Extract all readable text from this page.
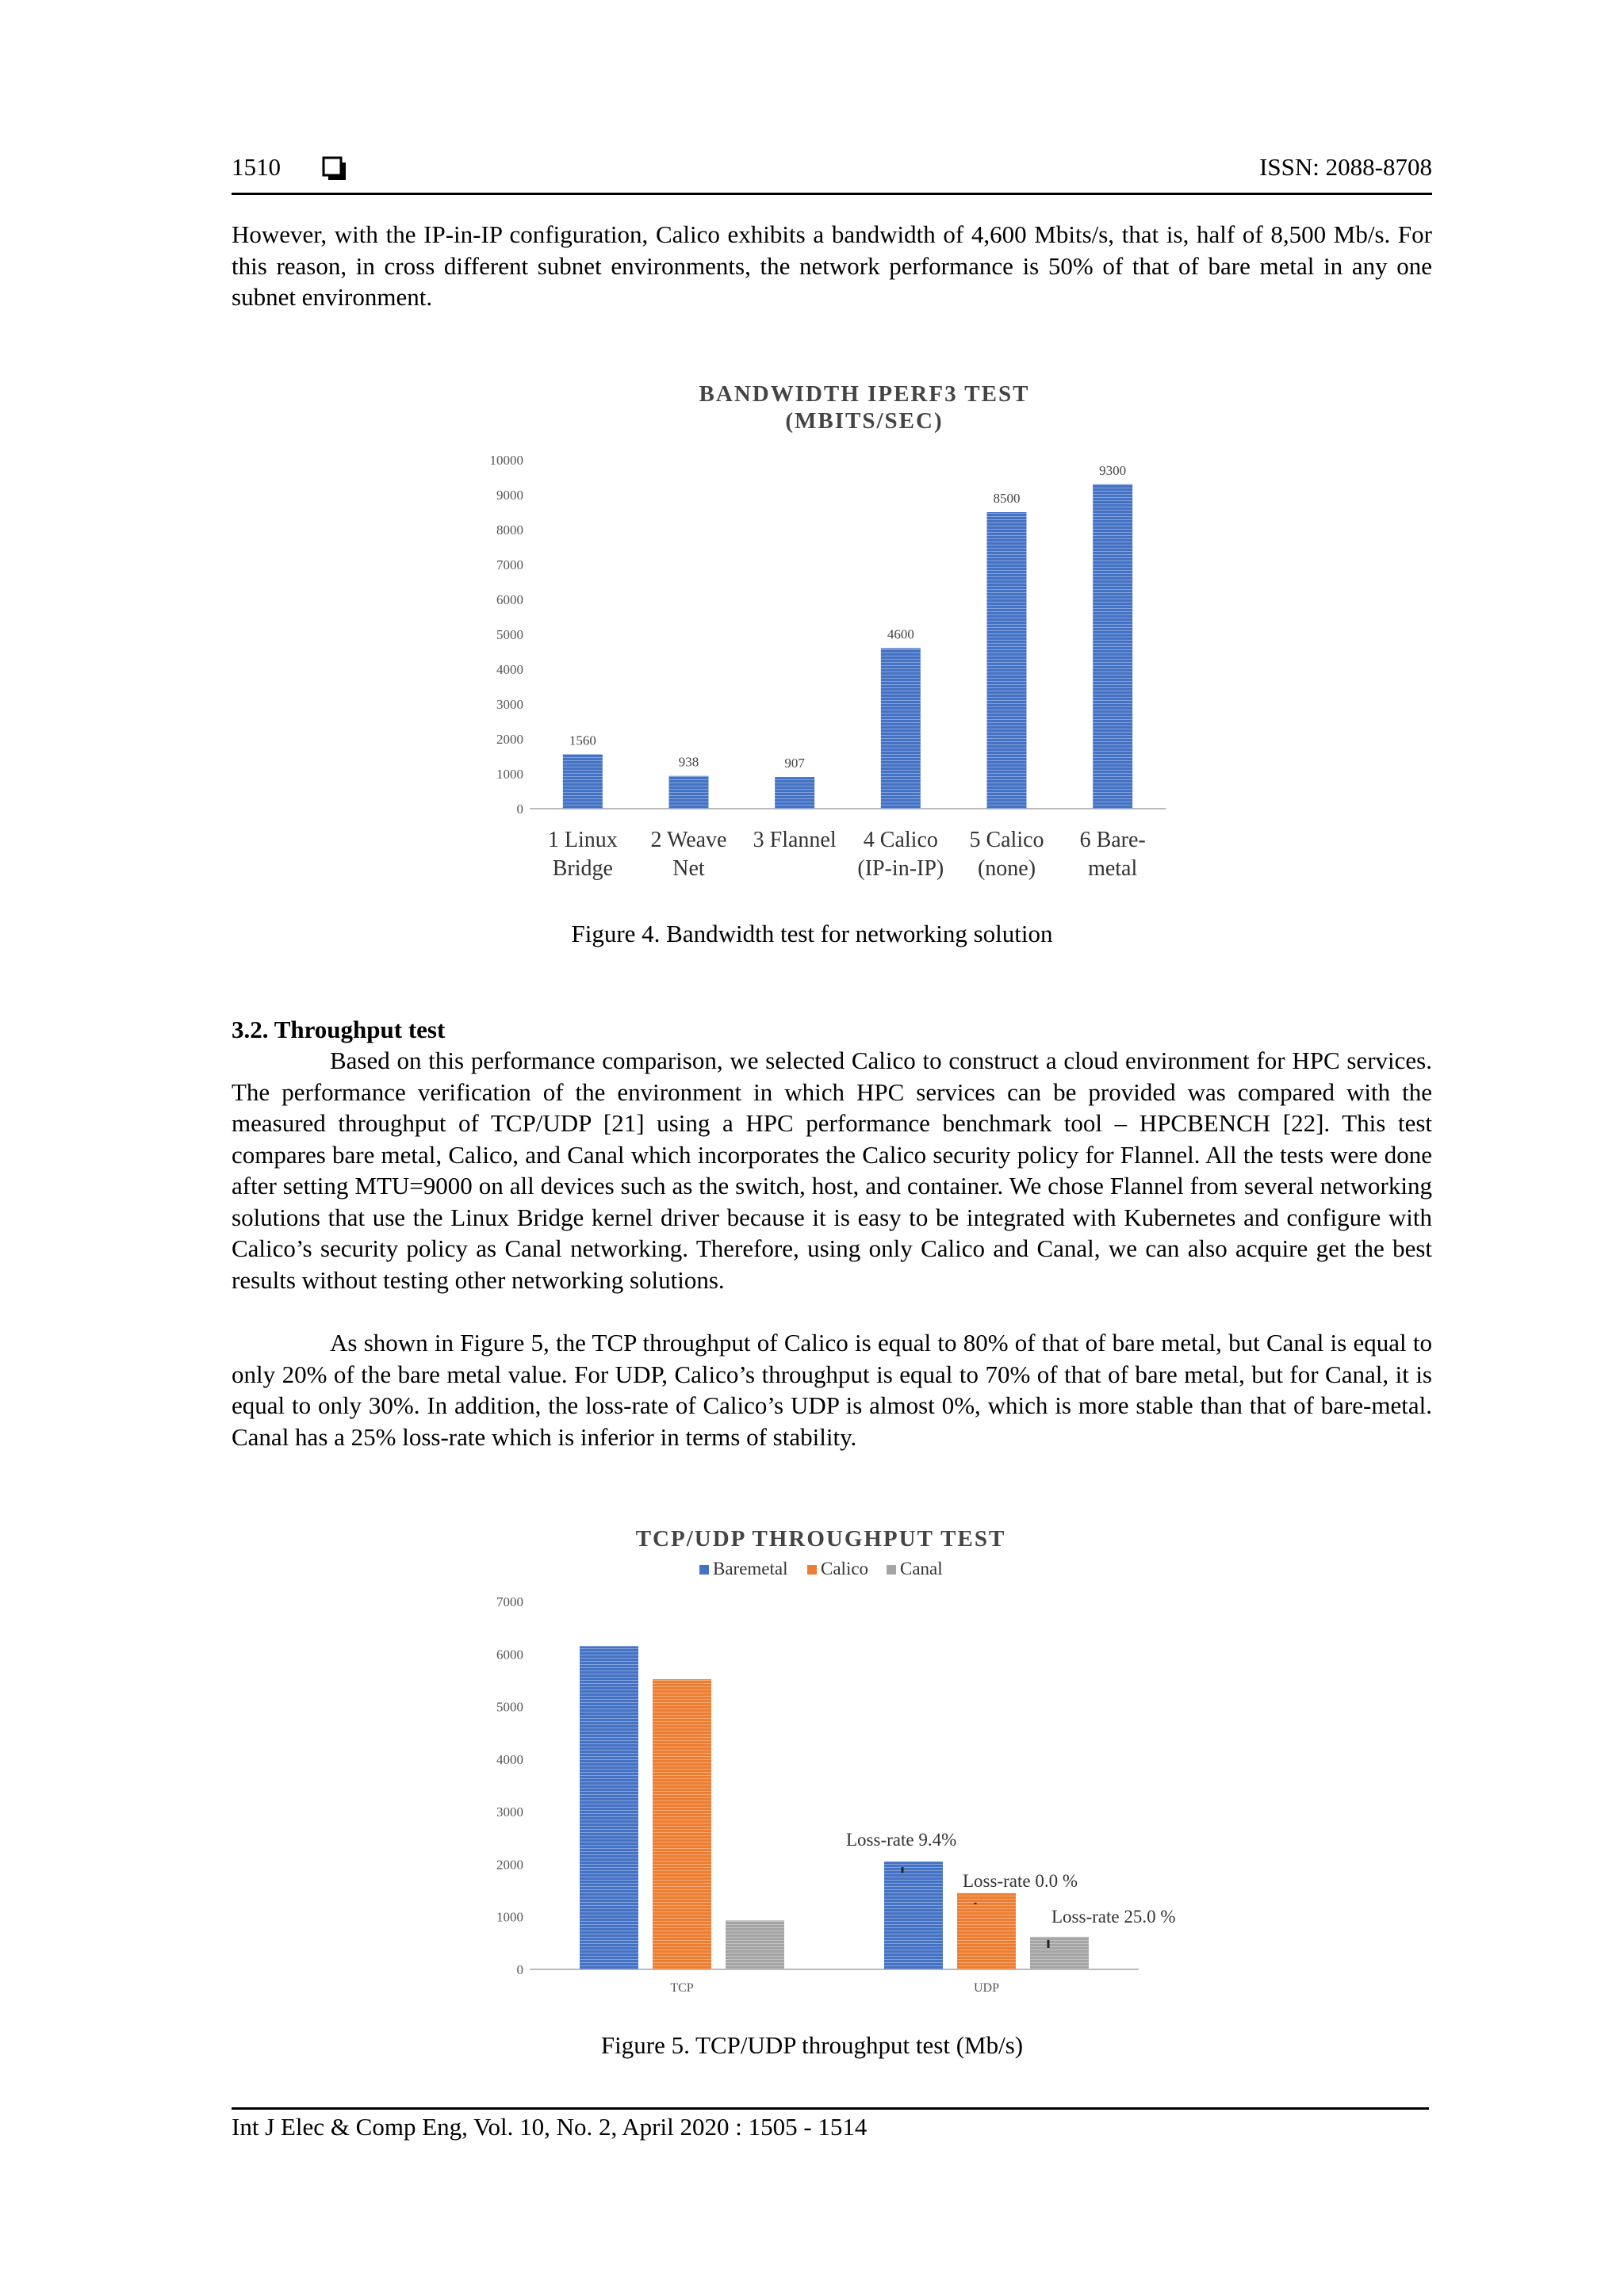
1510	ISSN: 2088-8708

However, with the IP-in-IP configuration, Calico exhibits a bandwidth of 4,600 Mbits/s, that is, half of 8,500 Mb/s. For this reason, in cross different subnet environments, the network performance is 50% of that of bare metal in any one subnet environment.

BANDWIDTH IPERF3 TEST
(MBITS/SEC)
0
1000
2000
3000
4000
5000
6000
7000
8000
9000
10000
1560
938	907
4600
8500
9300
1 Linux
Bridge
2 Weave
Net
3 Flannel 4 Calico
(IP-in-IP)
5 Calico
(none)
6 Bare-
metal
Figure 4. Bandwidth test for networking solution
3.2. Throughput test

Based on this performance comparison, we selected Calico to construct a cloud environment for HPC services. The performance verification of the environment in which HPC services can be provided was compared with the measured throughput of TCP/UDP [21] using a HPC performance benchmark tool – HPCBENCH [22]. This test compares bare metal, Calico, and Canal which incorporates the Calico security policy for Flannel. All the tests were done after setting MTU=9000 on all devices such as the switch, host, and container. We chose Flannel from several networking solutions that use the Linux Bridge kernel driver because it is easy to be integrated with Kubernetes and configure with Calico’s security policy as Canal networking. Therefore, using only Calico and Canal, we can also acquire get the best results without testing other networking solutions.

As shown in Figure 5, the TCP throughput of Calico is equal to 80% of that of bare metal, but Canal is equal to only 20% of the bare metal value. For UDP, Calico’s throughput is equal to 70% of that of bare metal, but for Canal, it is equal to only 30%. In addition, the loss-rate of Calico’s UDP is almost 0%, which is more stable than that of bare-metal. Canal has a 25% loss-rate which is inferior in terms of stability.

TCP/UDP THROUGHPUT TEST
Baremetal Calico Canal
0
1000
2000
3000
4000
5000
6000
7000
Loss-rate 9.4%
Loss-rate 0.0 %
Loss-rate 25.0 %
TCP	UDP
Figure 5. TCP/UDP throughput test (Mb/s)
Int J Elec & Comp Eng, Vol. 10, No. 2, April 2020 : 1505 - 1514
